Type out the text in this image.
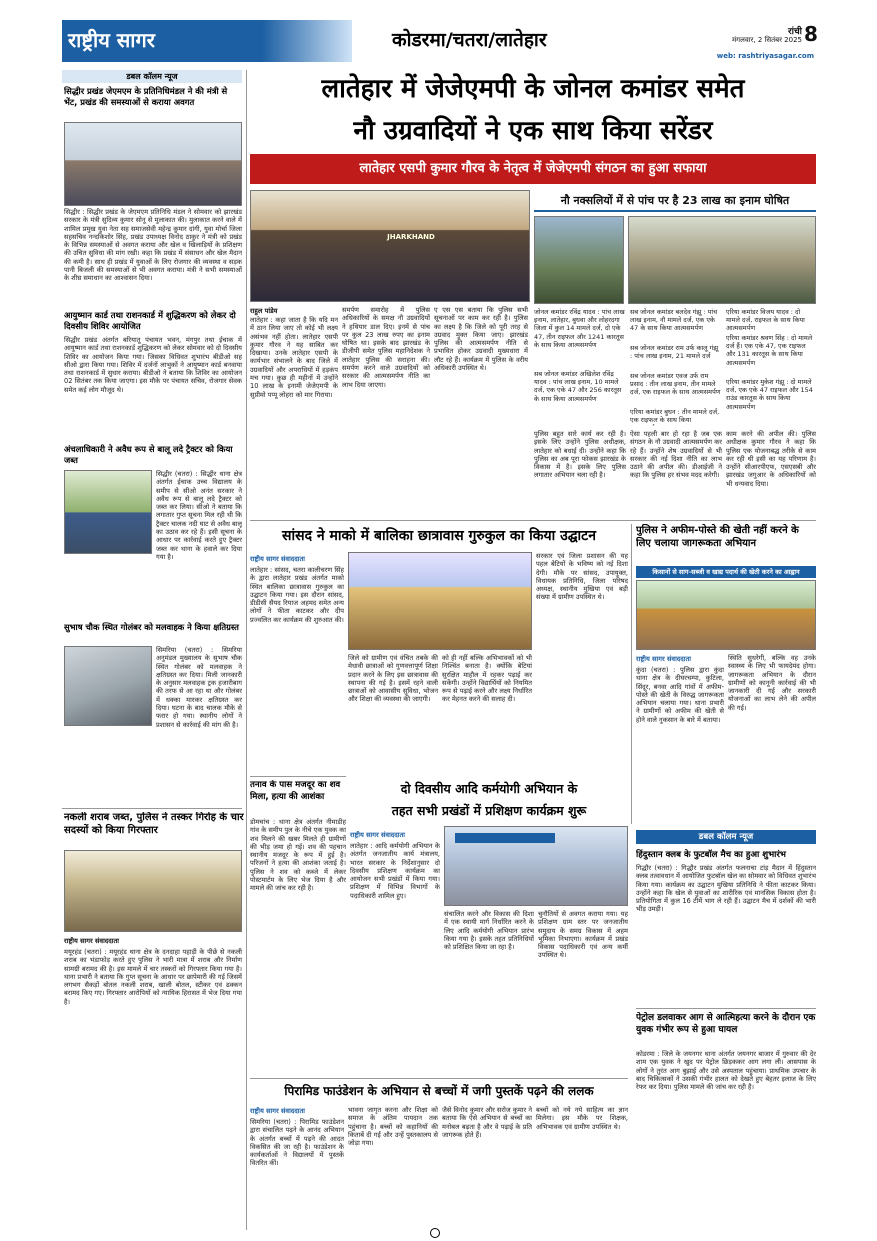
राष्ट्रीय सागर	कोडरमा/चतरा/लातेहार	रांची
मंगलवार, 2 सितंबर 2025 8
web: rashtriyasagar.com
डबल कॉलम न्यूज
सिद्धीर प्रखंड जेएमएम के प्रतिनिधिमंडल ने की मंत्री से भेंट, प्रखंड की समस्याओं से कराया अवगत
सिद्धीर : सिद्धीर प्रखंड के जेएमएम प्रतिनिधि मंडल ने सोमवार को झारखंड सरकार के मंत्री सुदिव्य कुमार सोनू से मुलाकात की। मुलाकात करने वाले में शामिल प्रमुख युवा नेता सह समाजसेवी महेन्द्र कुमार दांगी, युवा मोर्चा जिला सहसचिव नन्दकिशोर सिंह, प्रखंड उपाध्यक्ष विनोद ठाकुर ने मंत्री को प्रखंड के विभिन्न समस्याओं से अवगत कराया और खेल व खिलाड़ियों के प्रशिक्षण की उचित सुविधा की मांग रखी। कहा कि प्रखंड में संसाधन और खेल मैदान की कमी है। साथ ही प्रखंड में युवाओं के लिए रोजगार की व्यवस्था व सड़क पानी बिजली की समस्याओं से भी अवगत कराया। मंत्री ने सभी समस्याओं के शीघ्र समाधान का आश्वासन दिया।
आयुष्मान कार्ड तथा राशनकार्ड में शुद्धिकरण को लेकर दो दिवसीय शिविर आयोजित
सिद्धीर प्रखंड अंतर्गत बरियातू पंचायत भवन, मंगपुर तथा ईचाक में आयुष्मान कार्ड तथा राशनकार्ड शुद्धिकरण को लेकर सोमवार को दो दिवसीय शिविर का आयोजन किया गया। जिसका विधिवत शुभारंभ बीडीओ सह सीओ द्वारा किया गया। शिविर में दर्जनों लाभुकों ने आयुष्मान कार्ड बनवाया तथा राशनकार्ड में सुधार कराया। बीडीओ ने बताया कि शिविर का आयोजन 02 सितंबर तक किया जाएगा। इस मौके पर पंचायत सचिव, रोजगार सेवक समेत कई लोग मौजूद थे।
अंचलाधिकारी ने अवैध रूप से बालू लदे ट्रैक्टर को किया जब्त
सिद्धीर (चतरा) : सिद्धीर थाना क्षेत्र अंतर्गत ईचाक उच्च विद्यालय के समीप से सीओ अनंत सरकार ने अवैध रूप से बालू लदे ट्रैक्टर को जब्त कर लिया। सीओ ने बताया कि लगातार गुप्त सूचना मिल रही थी कि ट्रैक्टर चालक नदी घाट से अवैध बालू का उठाव कर रहे हैं। इसी सूचना के आधार पर कार्रवाई करते हुए ट्रैक्टर जब्त कर थाना के हवाले कर दिया गया है।
सुभाष चौक स्थित गोलंबर को मलवाहक ने किया क्षतिग्रस्त
सिमरिया (चतरा) : सिमरिया अनुमंडल मुख्यालय के सुभाष चौक स्थित गोलंबर को मलवाहक ने क्षतिग्रस्त कर दिया। मिली जानकारी के अनुसार मलवाहक ट्रक हजारीबाग की तरफ से आ रहा था और गोलंबर में धक्का मारकर क्षतिग्रस्त कर दिया। घटना के बाद चालक मौके से फरार हो गया। स्थानीय लोगों ने प्रशासन से कार्रवाई की मांग की है।
नकली शराब जब्त, पुलिस ने तस्कर गिरोह के चार सदस्यों को किया गिरफ्तार
राष्ट्रीय सागर संवाददाता
मयूरहंड (चतरा) : मयूरहंड थाना क्षेत्र के दनदाहा पहाड़ी के पीछे से नकली शराब का भंडाफोड़ करते हुए पुलिस ने भारी मात्रा में शराब और निर्माण सामग्री बरामद की है। इस मामले में चार तस्करों को गिरफ्तार किया गया है। थाना प्रभारी ने बताया कि गुप्त सूचना के आधार पर छापेमारी की गई जिसमें लगभग सैकड़ों बोतल नकली शराब, खाली बोतल, स्टीकर एवं ढक्कन बरामद किए गए। गिरफ्तार आरोपियों को न्यायिक हिरासत में भेज दिया गया है।
लातेहार में जेजेएमपी के जोनल कमांडर समेत
नौ उग्रवादियों ने एक साथ किया सरेंडर
लातेहार एसपी कुमार गौरव के नेतृत्व में जेजेएमपी संगठन का हुआ सफाया
JHARKHAND
राहुल पांडेय
लातेहार : कहा जाता है कि यदि मन में ठान लिया जाए तो कोई भी लक्ष्य असंभव नहीं होता। लातेहार एसपी कुमार गौरव ने यह साबित कर दिखाया। उनके लातेहार एसपी के कार्यभार संभालने के बाद जिले में उग्रवादियों और अपराधियों में हड़कंप मच गया। कुछ ही महीनों में उन्होंने 10 लाख के इनामी जेजेएमपी के सुप्रीमो पप्पू लोहरा को मार गिराया।
समर्पण समारोह में पुलिस अधिकारियों के समक्ष नौ उग्रवादियों ने हथियार डाल दिए। इनमें से पांच पर कुल 23 लाख रुपए का इनाम घोषित था। इसके बाद झारखंड के डीजीपी समेत पुलिस महानिदेशक ने लातेहार पुलिस की सराहना की। समर्पण करने वाले उग्रवादियों को सरकार की आत्मसमर्पण नीति का लाभ दिया जाएगा।
ए एस एस बताया कि पुलिस सभी सूचनाओं पर काम कर रही है। पुलिस का लक्ष्य है कि जिले को पूरी तरह से उग्रवाद मुक्त किया जाए। झारखंड पुलिस की आत्मसमर्पण नीति से प्रभावित होकर उग्रवादी मुख्यधारा में लौट रहे हैं। कार्यक्रम में पुलिस के वरीय अधिकारी उपस्थित थे।
नौ नक्सलियों में से पांच पर है 23 लाख का इनाम घोषित
जोनल कमांडर रविंद्र यादव : पांच लाख इनाम, लातेहार, बुधवा और लोहरदगा जिला में कुल 14 मामले दर्ज, दो एके 47, तीन राइफल और 1241 कारतूस के साथ किया आत्मसमर्पण
सब जोनल कमांडर अखिलेश रविंद्र यादव : पांच लाख इनाम, 10 मामले दर्ज, एक एके 47 और 256 कारतूस के साथ किया आत्मसमर्पण
सब जोनल कमांडर बलदेव गंझू : पांच लाख इनाम, नौ मामले दर्ज, एक एके 47 के साथ किया आत्मसमर्पण
सब जोनल कमांडर राम उर्फ कालू गंझू : पांच लाख इनाम, 21 मामले दर्ज
सब जोनल कमांडर एवज उर्फ राम प्रसाद : तीन लाख इनाम, तीन मामले दर्ज, एक राइफल के साथ आत्मसमर्पण
एरिया कमांडर बुधन : तीन मामले दर्ज, एक राइफल के साथ किया
एरिया कमांडर विजय यादव : दो मामले दर्ज, राइफल के साथ किया आत्मसमर्पण
एरिया कमांडर श्रवण सिंह : दो मामले दर्ज हैं। एक एके 47, एक राइफल और 131 कारतूस के साथ किया आत्मसमर्पण
एरिया कमांडर मुकेश गंझू : दो मामले दर्ज, एक एके 47 राइफल और 154 राउंड कारतूस के साथ किया आत्मसमर्पण
पुलिस बहुत सारे कार्य कर रही है। इसके लिए उन्होंने पुलिस अधीक्षक, लातेहार को बधाई दी। उन्होंने कहा कि पुलिस का अब पूरा फोकस झारखंड के विकास में है। इसके लिए पुलिस लगातार अभियान चला रही है।
ऐसा पहली बार हो रहा है जब एक संगठन के नौ उग्रवादी आत्मसमर्पण कर रहे हैं। उन्होंने शेष उग्रवादियों से भी सरकार की नई दिशा नीति का लाभ उठाने की अपील की। डीआईजी ने कहा कि पुलिस हर संभव मदद करेगी।
काम करने की अपील की। पुलिस अधीक्षक कुमार गौरव ने कहा कि पुलिस एक योजनाबद्ध तरीके से काम कर रही थी इसी का यह परिणाम है। उन्होंने सीआरपीएफ, एसएसबी और झारखंड जगुआर के अधिकारियों को भी धन्यवाद दिया।
सांसद ने माको में बालिका छात्रावास गुरुकुल का किया उद्घाटन
राष्ट्रीय सागर संवाददाता
लातेहार : सांसद, चतरा कालीचरण सिंह के द्वारा लातेहार प्रखंड अंतर्गत माको स्थित बालिका छात्रावास गुरुकुल का उद्घाटन किया गया। इस दौरान सांसद, डीडीसी सैयद रियाज अहमद समेत अन्य लोगों ने फीता काटकर और दीप प्रज्वलित कर कार्यक्रम की शुरुआत की।
जिले को ग्रामीण एवं वंचित तबके की मेधावी छात्राओं को गुणवत्तापूर्ण शिक्षा प्रदान करने के लिए इस छात्रावास की स्थापना की गई है। इसमें रहने वाली छात्राओं को आवासीय सुविधा, भोजन और शिक्षा की व्यवस्था की जाएगी।
को ही नहीं बल्कि अभिभावकों को भी निश्चिंत बनाता है। क्योंकि बेटियां सुरक्षित माहौल में रहकर पढ़ाई कर सकेंगी। उन्होंने विद्यार्थियों को नियमित रूप से पढ़ाई करने और लक्ष्य निर्धारित कर मेहनत करने की सलाह दी।
सरकार एवं जिला प्रशासन की यह पहल बेटियों के भविष्य को नई दिशा देगी। मौके पर सांसद, उपायुक्त, विधायक प्रतिनिधि, जिला परिषद अध्यक्ष, स्थानीय मुखिया एवं बड़ी संख्या में ग्रामीण उपस्थित थे।
पुलिस ने अफीम-पोस्ते की खेती नहीं करने के लिए चलाया जागरूकता अभियान
किसानों से साग-सब्जी व खाद्य पदार्थ की खेती करने का आह्वान
राष्ट्रीय सागर संवाददाता
कुंदा (चतरा) : पुलिस द्वारा कुंदा थाना क्षेत्र के दीघरचम्पा, कुटिला, सिंदूर, बनवा आदि गांवों में अफीम-पोस्ते की खेती के विरुद्ध जागरूकता अभियान चलाया गया। थाना प्रभारी ने ग्रामीणों को अफीम की खेती से होने वाले नुकसान के बारे में बताया।
स्थिति सुधरेगी, बल्कि वह उनके स्वास्थ्य के लिए भी फायदेमंद होगा। जागरूकता अभियान के दौरान ग्रामीणों को कानूनी कार्रवाई की भी जानकारी दी गई और सरकारी योजनाओं का लाभ लेने की अपील की गई।
तनाव के पास मजदूर का शव मिला, हत्या की आशंका
डोमचांच : थाना क्षेत्र अंतर्गत नीमाडीह गांव के समीप पुल के नीचे एक युवक का शव मिलने की खबर मिलते ही ग्रामीणों की भीड़ जमा हो गई। शव की पहचान स्थानीय मजदूर के रूप में हुई है। परिजनों ने हत्या की आशंका जताई है। पुलिस ने शव को कब्जे में लेकर पोस्टमार्टम के लिए भेज दिया है और मामले की जांच कर रही है।
दो दिवसीय आदि कर्मयोगी अभियान के
तहत सभी प्रखंडों में प्रशिक्षण कार्यक्रम शुरू
राष्ट्रीय सागर संवाददाता
लातेहार : आदि कर्मयोगी अभियान के अंतर्गत जनजातीय कार्य मंत्रालय, भारत सरकार के निर्देशानुसार दो दिवसीय प्रशिक्षण कार्यक्रम का आयोजन सभी प्रखंडों में किया गया। प्रशिक्षण में विभिन्न विभागों के पदाधिकारी शामिल हुए।
संचालित करने और विकास की दिशा में एक स्थायी मार्ग निर्धारित करने के लिए आदि कर्मयोगी अभियान प्रारंभ किया गया है। इसके तहत प्रतिनिधियों को प्रशिक्षित किया जा रहा है।
चुनौतियों से अवगत कराया गया। यह प्रशिक्षण ग्राम स्तर पर जनजातीय समुदाय के समग्र विकास में अहम भूमिका निभाएगा। कार्यक्रम में प्रखंड विकास पदाधिकारी एवं अन्य कर्मी उपस्थित थे।
डबल कॉलम न्यूज
हिंदुस्तान क्लब के फुटबॉल मैच का हुआ शुभारंभ
गिद्धौर (चतरा) : गिद्धौर प्रखंड अंतर्गत फलनाचा टांड़ मैदान में हिंदुस्तान क्लब तत्वावधान में आयोजित फुटबॉल खेल का सोमवार को विधिवत शुभारंभ किया गया। कार्यक्रम का उद्घाटन मुखिया प्रतिनिधि ने फीता काटकर किया। उन्होंने कहा कि खेल से युवाओं का शारीरिक एवं मानसिक विकास होता है। प्रतियोगिता में कुल 16 टीमें भाग ले रही हैं। उद्घाटन मैच में दर्शकों की भारी भीड़ उमड़ी।
पेट्रोल डलवाकर आग से आत्मिहत्या करने के दौरान एक युवक गंभीर रूप से हुआ घायल
कोडरमा : जिले के जयनगर थाना अंतर्गत जयनगर बाजार में गुरुवार की देर शाम एक युवक ने खुद पर पेट्रोल छिड़ककर आग लगा ली। आसपास के लोगों ने तुरंत आग बुझाई और उसे अस्पताल पहुंचाया। प्राथमिक उपचार के बाद चिकित्सकों ने उसकी गंभीर हालत को देखते हुए बेहतर इलाज के लिए रेफर कर दिया। पुलिस मामले की जांच कर रही है।
पिरामिड फाउंडेशन के अभियान से बच्चों में जगी पुस्तकें पढ़ने की ललक
राष्ट्रीय सागर संवाददाता
सिमरिया (चतरा) : पिरामिड फाउंडेशन द्वारा संचालित पढ़ने के आनंद अभियान के अंतर्गत बच्चों में पढ़ने की आदत विकसित की जा रही है। फाउंडेशन के कार्यकर्ताओं ने विद्यालयों में पुस्तकें वितरित कीं।
भावना जागृत करना और शिक्षा को समाज के अंतिम पायदान तक पहुंचाना है। बच्चों को कहानियों की किताबें दी गईं और उन्हें पुस्तकालय से जोड़ा गया।
जैसे विनोद कुमार और सरोज कुमार ने बताया कि ऐसे अभियान से बच्चों का मनोबल बढ़ता है और वे पढ़ाई के प्रति जागरूक होते हैं।
बच्चों को नये नये साहित्य का ज्ञान मिलेगा। इस मौके पर शिक्षक, अभिभावक एवं ग्रामीण उपस्थित थे।
